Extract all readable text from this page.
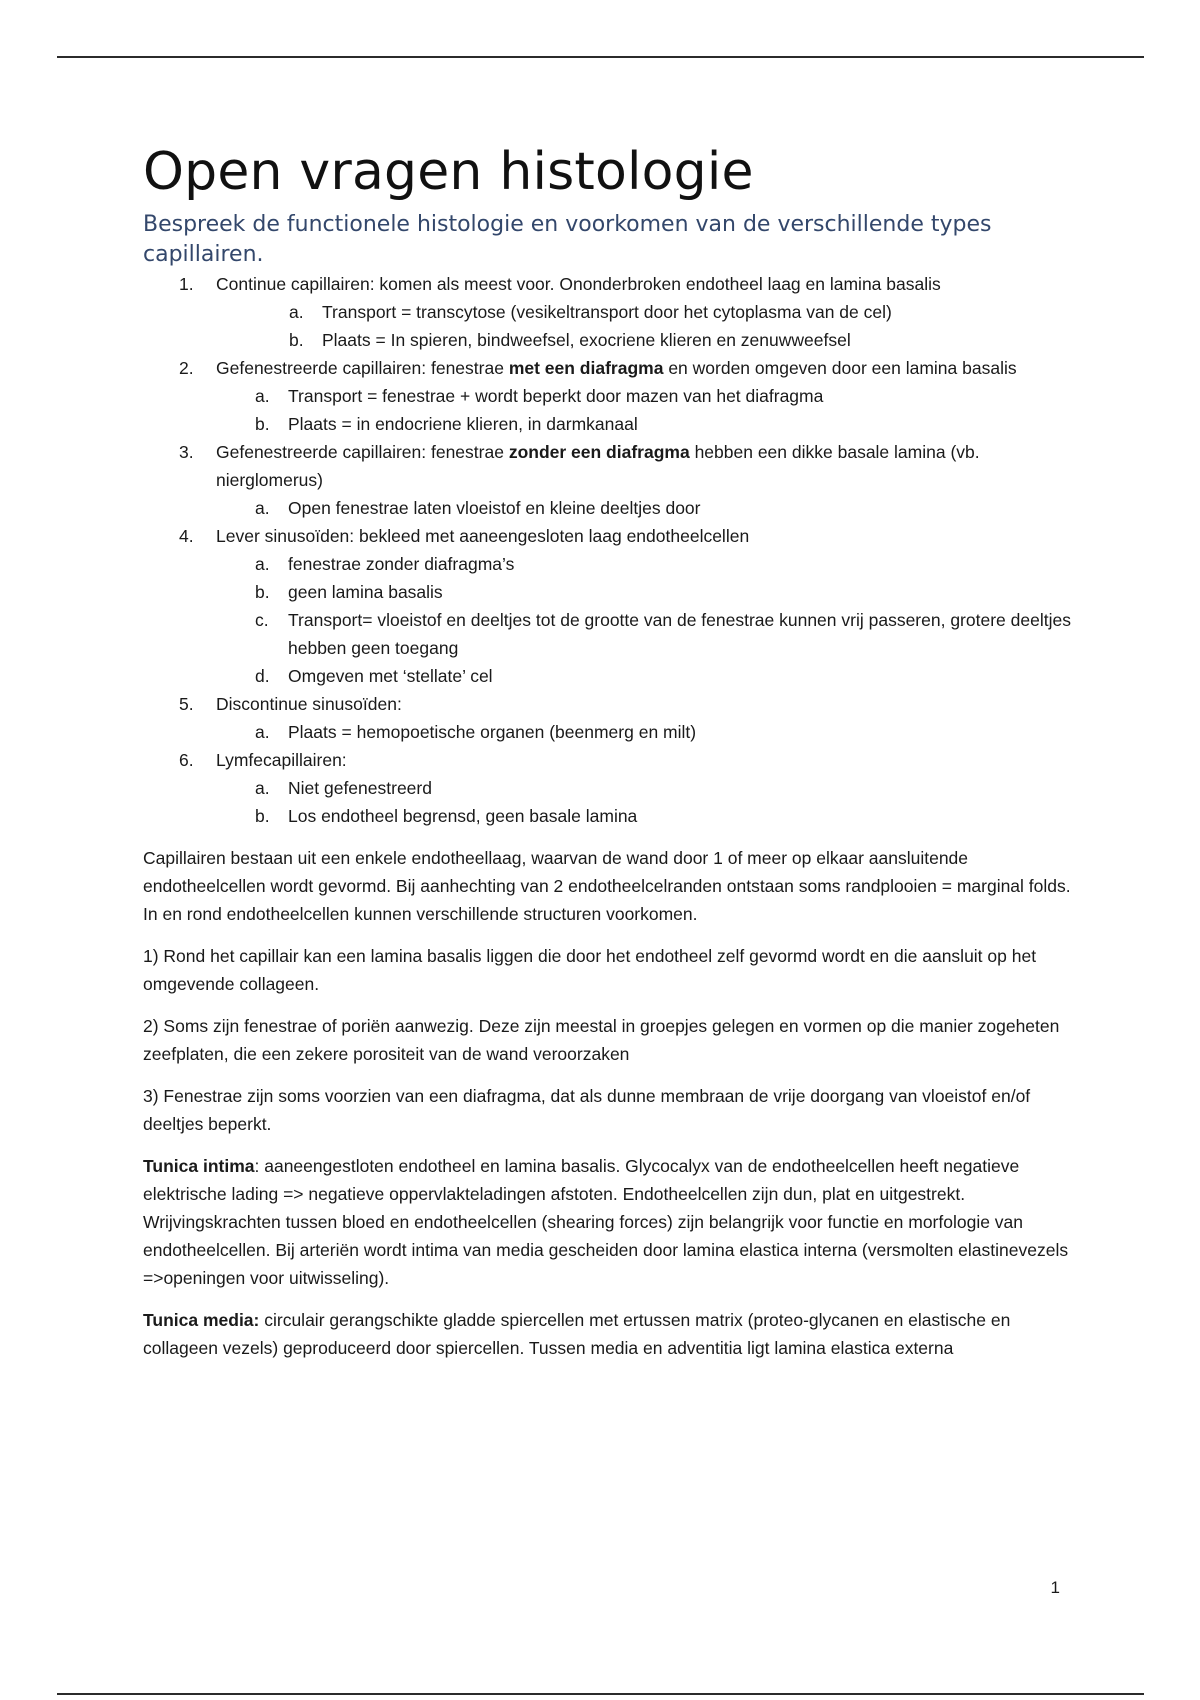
Open vragen histologie
Bespreek de functionele histologie en voorkomen van de verschillende types capillairen.
1. Continue capillairen: komen als meest voor. Ononderbroken endotheel laag en lamina basalis
a. Transport = transcytose (vesikeltransport door het cytoplasma van de cel)
b. Plaats = In spieren, bindweefsel, exocriene klieren en zenuwweefsel
2. Gefenestreerde capillairen: fenestrae met een diafragma en worden omgeven door een lamina basalis
a. Transport = fenestrae + wordt beperkt door mazen van het diafragma
b. Plaats = in endocriene klieren, in darmkanaal
3. Gefenestreerde capillairen: fenestrae zonder een diafragma hebben een dikke basale lamina (vb. nierglomerus)
a. Open fenestrae laten vloeistof en kleine deeltjes door
4. Lever sinusoïden: bekleed met aaneengesloten laag endotheelcellen
a. fenestrae zonder diafragma’s
b. geen lamina basalis
c. Transport= vloeistof en deeltjes tot de grootte van de fenestrae kunnen vrij passeren, grotere deeltjes hebben geen toegang
d. Omgeven met ‘stellate’ cel
5. Discontinue sinusoïden:
a. Plaats = hemopoetische organen (beenmerg en milt)
6. Lymfecapillairen:
a. Niet gefenestreerd
b. Los endotheel begrensd, geen basale lamina

Capillairen bestaan uit een enkele endotheellaag, waarvan de wand door 1 of meer op elkaar aansluitende endotheelcellen wordt gevormd. Bij aanhechting van 2 endotheelcelranden ontstaan soms randplooien = marginal folds. In en rond endotheelcellen kunnen verschillende structuren voorkomen.

1) Rond het capillair kan een lamina basalis liggen die door het endotheel zelf gevormd wordt en die aansluit op het omgevende collageen.

2) Soms zijn fenestrae of poriën aanwezig. Deze zijn meestal in groepjes gelegen en vormen op die manier zogeheten zeefplaten, die een zekere porositeit van de wand veroorzaken

3) Fenestrae zijn soms voorzien van een diafragma, dat als dunne membraan de vrije doorgang van vloeistof en/of deeltjes beperkt.

Tunica intima: aaneengestloten endotheel en lamina basalis. Glycocalyx van de endotheelcellen heeft negatieve elektrische lading => negatieve oppervlakteladingen afstoten. Endotheelcellen zijn dun, plat en uitgestrekt. Wrijvingskrachten tussen bloed en endotheelcellen (shearing forces) zijn belangrijk voor functie en morfologie van endotheelcellen. Bij arteriën wordt intima van media gescheiden door lamina elastica interna (versmolten elastinevezels =>openingen voor uitwisseling).

Tunica media: circulair gerangschikte gladde spiercellen met ertussen matrix (proteo-glycanen en elastische en collageen vezels) geproduceerd door spiercellen. Tussen media en adventitia ligt lamina elastica externa

1
